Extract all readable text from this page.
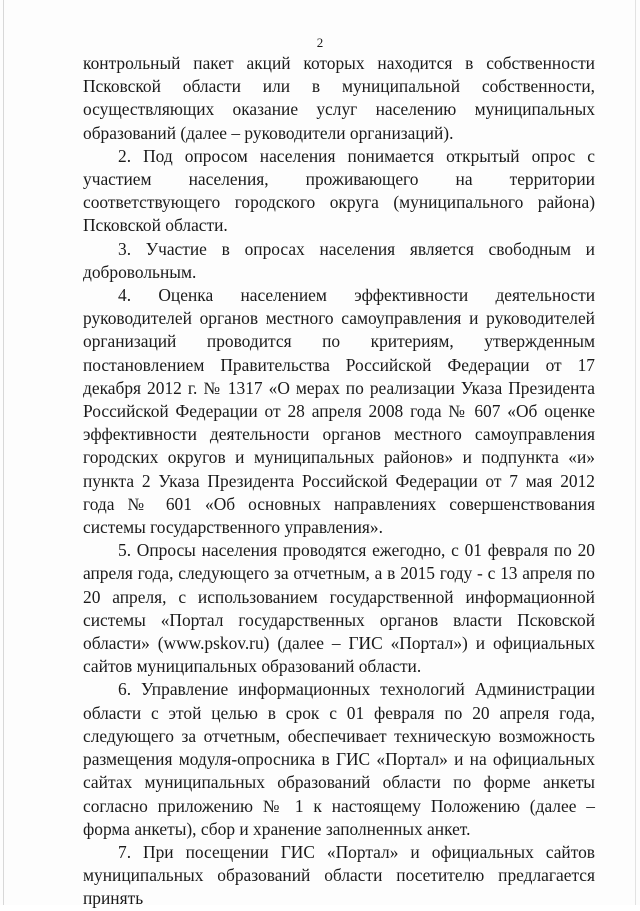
2

контрольный пакет акций которых находится в собственности Псковской области или в муниципальной собственности, осуществляющих оказание услуг населению муниципальных образований (далее – руководители организаций).

2. Под опросом населения понимается открытый опрос с участием населения, проживающего на территории соответствующего городского округа (муниципального района) Псковской области.

3. Участие в опросах населения является свободным и добровольным.

4. Оценка населением эффективности деятельности руководителей органов местного самоуправления и руководителей организаций проводится по критериям, утвержденным постановлением Правительства Российской Федерации от 17 декабря 2012 г. № 1317 «О мерах по реализации Указа Президента Российской Федерации от 28 апреля 2008 года № 607 «Об оценке эффективности деятельности органов местного самоуправления городских округов и муниципальных районов» и подпункта «и» пункта 2 Указа Президента Российской Федерации от 7 мая 2012 года № 601 «Об основных направлениях совершенствования системы государственного управления».

5. Опросы населения проводятся ежегодно, с 01 февраля по 20 апреля года, следующего за отчетным, а в 2015 году - с 13 апреля по 20 апреля, с использованием государственной информационной системы «Портал государственных органов власти Псковской области» (www.pskov.ru) (далее – ГИС «Портал») и официальных сайтов муниципальных образований области.

6. Управление информационных технологий Администрации области с этой целью в срок с 01 февраля по 20 апреля года, следующего за отчетным, обеспечивает техническую возможность размещения модуля-опросника в ГИС «Портал» и на официальных сайтах муниципальных образований области по форме анкеты согласно приложению № 1 к настоящему Положению (далее – форма анкеты), сбор и хранение заполненных анкет.

7. При посещении ГИС «Портал» и официальных сайтов муниципальных образований области посетителю предлагается принять
